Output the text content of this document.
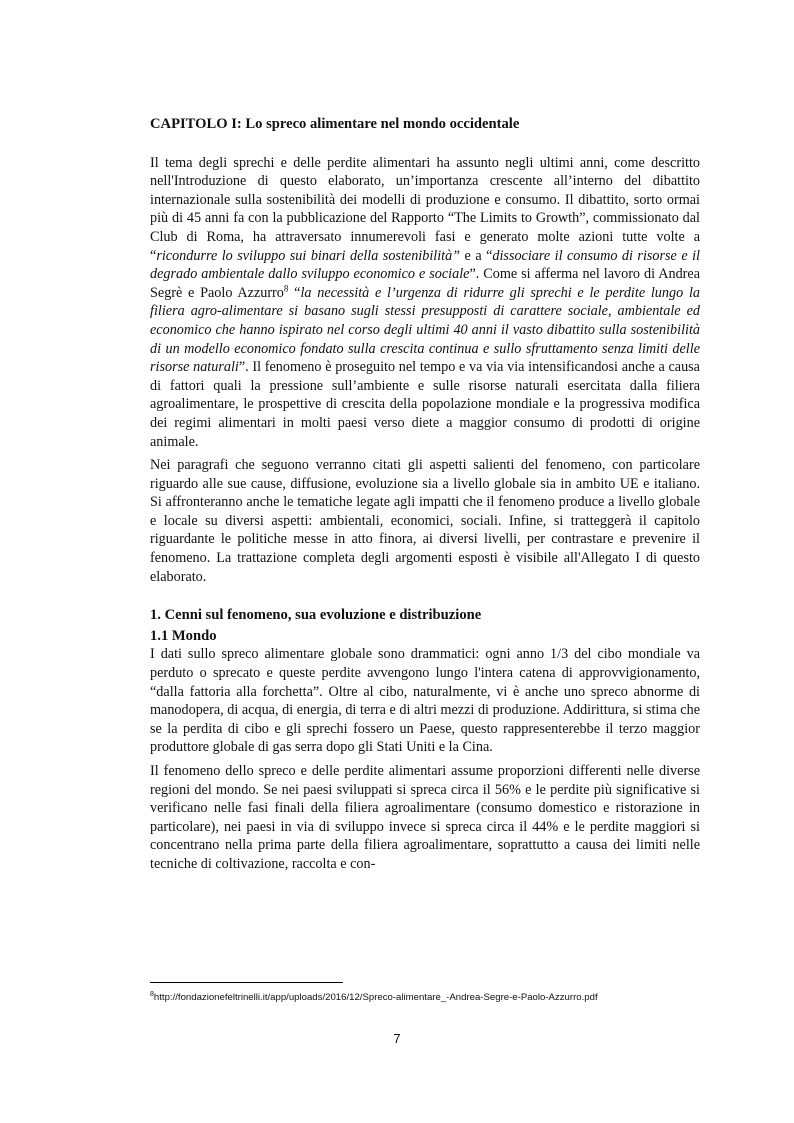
CAPITOLO I: Lo spreco alimentare nel mondo occidentale

Il tema degli sprechi e delle perdite alimentari ha assunto negli ultimi anni, come descritto nell'Introduzione di questo elaborato, un’importanza crescente all’interno del dibattito internazionale sulla sostenibilità dei modelli di produzione e consumo. Il dibattito, sorto ormai più di 45 anni fa con la pubblicazione del Rapporto “The Limits to Growth”, commissionato dal Club di Roma, ha attraversato innumerevoli fasi e generato molte azioni tutte volte a “ricondurre lo sviluppo sui binari della sostenibilità” e a “dissociare il consumo di risorse e il degrado ambientale dallo sviluppo economico e sociale”. Come si afferma nel lavoro di Andrea Segrè e Paolo Azzurro$^8$ “la necessità e l’urgenza di ridurre gli sprechi e le perdite lungo la filiera agro-alimentare si basano sugli stessi presupposti di carattere sociale, ambientale ed economico che hanno ispirato nel corso degli ultimi 40 anni il vasto dibattito sulla sostenibilità di un modello economico fondato sulla crescita continua e sullo sfruttamento senza limiti delle risorse naturali”. Il fenomeno è proseguito nel tempo e va via via intensificandosi anche a causa di fattori quali la pressione sull’ambiente e sulle risorse naturali esercitata dalla filiera agroalimentare, le prospettive di crescita della popolazione mondiale e la progressiva modifica dei regimi alimentari in molti paesi verso diete a maggior consumo di prodotti di origine animale.

Nei paragrafi che seguono verranno citati gli aspetti salienti del fenomeno, con particolare riguardo alle sue cause, diffusione, evoluzione sia a livello globale sia in ambito UE e italiano. Si affronteranno anche le tematiche legate agli impatti che il fenomeno produce a livello globale e locale su diversi aspetti: ambientali, economici, sociali. Infine, si tratteggerà il capitolo riguardante le politiche messe in atto finora, ai diversi livelli, per contrastare e prevenire il fenomeno. La trattazione completa degli argomenti esposti è visibile all'Allegato I di questo elaborato.

1. Cenni sul fenomeno, sua evoluzione e distribuzione
1.1 Mondo

I dati sullo spreco alimentare globale sono drammatici: ogni anno 1/3 del cibo mondiale va perduto o sprecato e queste perdite avvengono lungo l'intera catena di approvvigionamento, “dalla fattoria alla forchetta”. Oltre al cibo, naturalmente, vi è anche uno spreco abnorme di manodopera, di acqua, di energia, di terra e di altri mezzi di produzione. Addirittura, si stima che se la perdita di cibo e gli sprechi fossero un Paese, questo rappresenterebbe il terzo maggior produttore globale di gas serra dopo gli Stati Uniti e la Cina.

Il fenomeno dello spreco e delle perdite alimentari assume proporzioni differenti nelle diverse regioni del mondo. Se nei paesi sviluppati si spreca circa il 56% e le perdite più significative si verificano nelle fasi finali della filiera agroalimentare (consumo domestico e ristorazione in particolare), nei paesi in via di sviluppo invece si spreca circa il 44% e le perdite maggiori si concentrano nella prima parte della filiera agroalimentare, soprattutto a causa dei limiti nelle tecniche di coltivazione, raccolta e con-

$^8$http://fondazionefeltrinelli.it/app/uploads/2016/12/Spreco-alimentare_-Andrea-Segre-e-Paolo-Azzurro.pdf
7
